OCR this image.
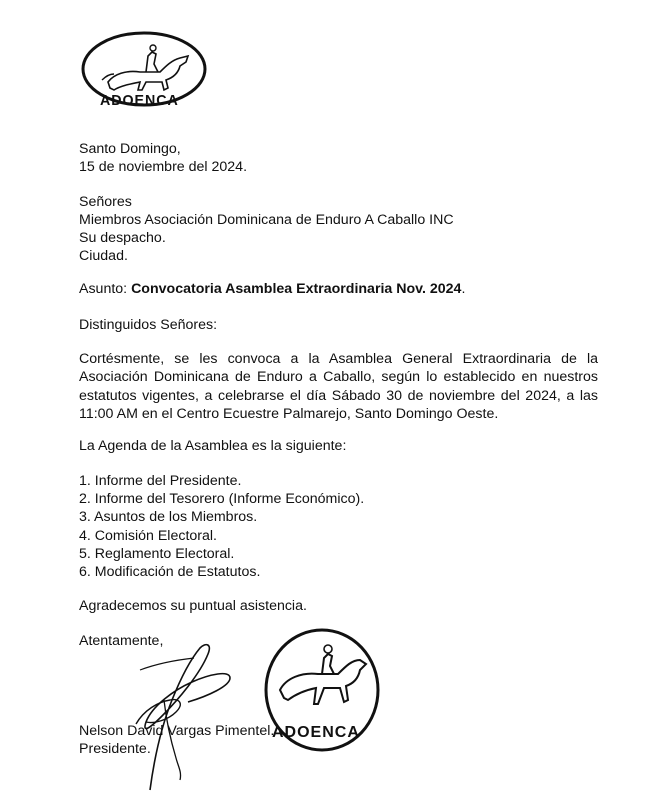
ADOENCA
Santo Domingo,
15 de noviembre del 2024.
Señores
Miembros Asociación Dominicana de Enduro A Caballo INC
Su despacho.
Ciudad.
Asunto: Convocatoria Asamblea Extraordinaria Nov. 2024.
Distinguidos Señores:
Cortésmente, se les convoca a la Asamblea General Extraordinaria de la Asociación Dominicana de Enduro a Caballo, según lo establecido en nuestros estatutos vigentes, a celebrarse el día Sábado 30 de noviembre del 2024, a las 11:00 AM en el Centro Ecuestre Palmarejo, Santo Domingo Oeste.
La Agenda de la Asamblea es la siguiente:
1. Informe del Presidente.
2. Informe del Tesorero (Informe Económico).
3. Asuntos de los Miembros.
4. Comisión Electoral.
5. Reglamento Electoral.
6. Modificación de Estatutos.
Agradecemos su puntual asistencia.
Atentamente,
ADOENCA
Nelson David Vargas Pimentel.
Presidente.
